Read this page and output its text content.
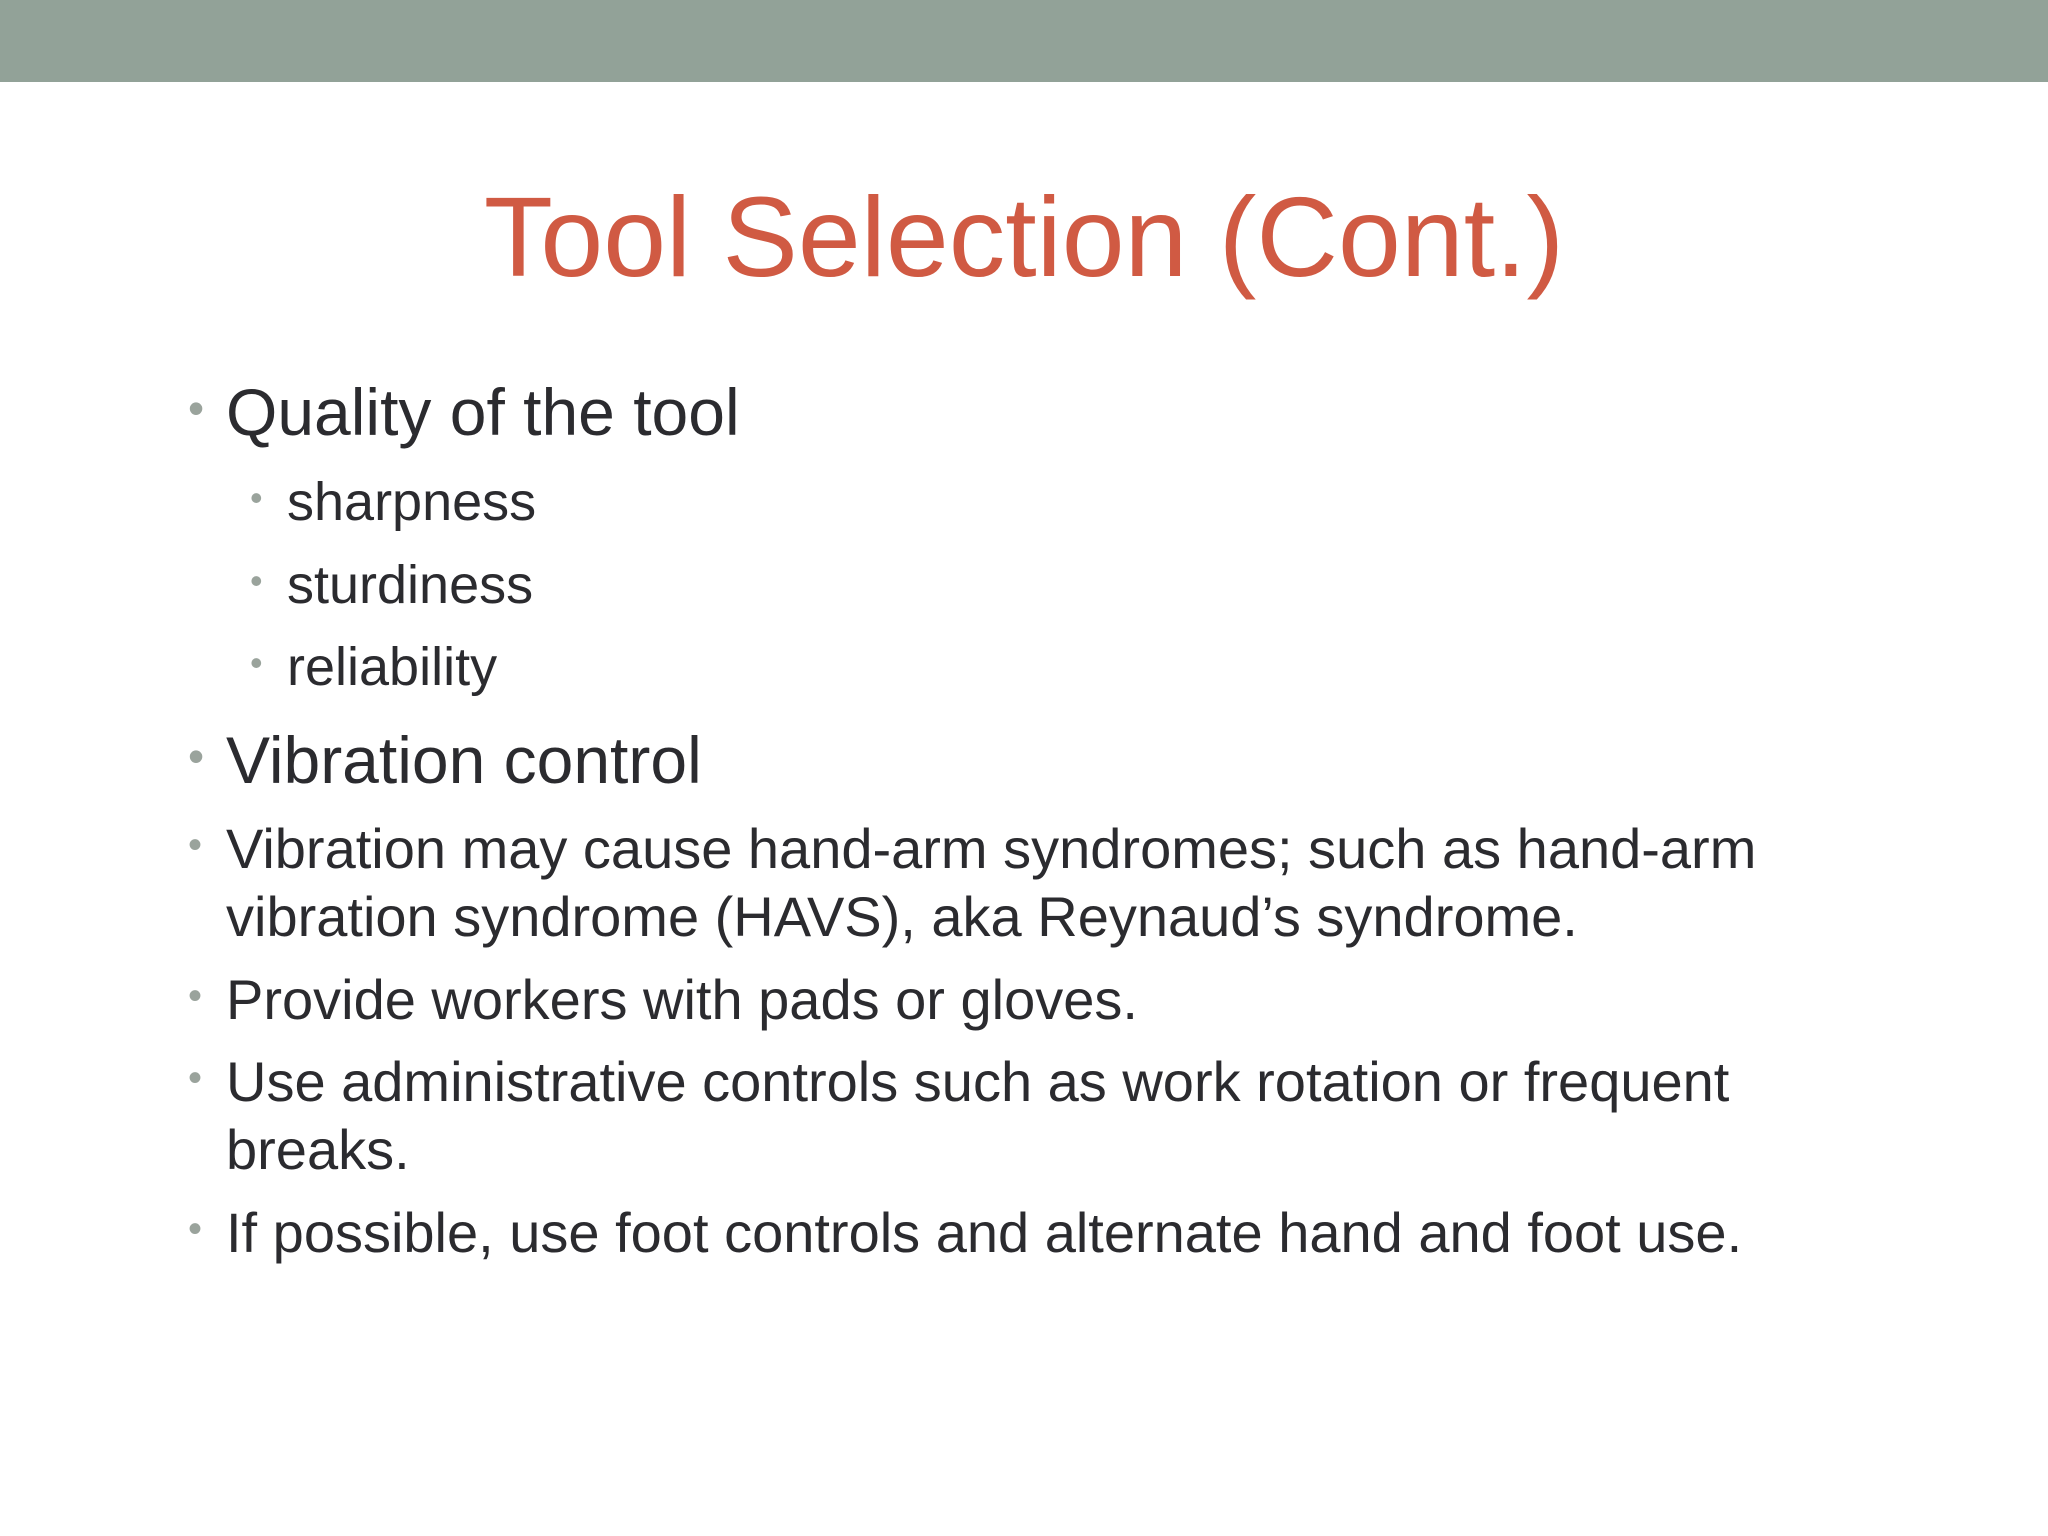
Tool Selection (Cont.)
• Quality of the tool
• sharpness
• sturdiness
• reliability
• Vibration control
• Vibration may cause hand-arm syndromes; such as hand-arm vibration syndrome (HAVS), aka Reynaud’s syndrome.
• Provide workers with pads or gloves.
• Use administrative controls such as work rotation or frequent breaks.
• If possible, use foot controls and alternate hand and foot use.
